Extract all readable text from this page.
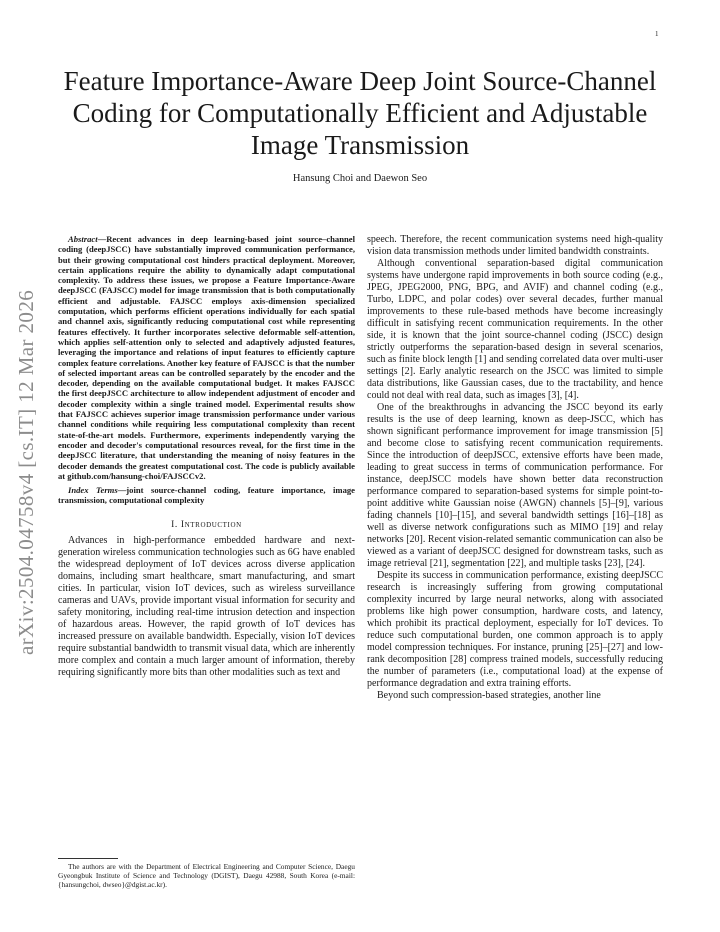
1
arXiv:2504.04758v4 [cs.IT] 12 Mar 2026
Feature Importance-Aware Deep Joint Source-Channel Coding for Computationally Efficient and Adjustable Image Transmission
Hansung Choi and Daewon Seo

Abstract—Recent advances in deep learning-based joint source–channel coding (deepJSCC) have substantially improved communication performance, but their growing computational cost hinders practical deployment. Moreover, certain applications require the ability to dynamically adapt computational complexity. To address these issues, we propose a Feature Importance-Aware deepJSCC (FAJSCC) model for image transmission that is both computationally efficient and adjustable. FAJSCC employs axis-dimension specialized computation, which performs efficient operations individually for each spatial and channel axis, significantly reducing computational cost while representing features effectively. It further incorporates selective deformable self-attention, which applies self-attention only to selected and adaptively adjusted features, leveraging the importance and relations of input features to efficiently capture complex feature correlations. Another key feature of FAJSCC is that the number of selected important areas can be controlled separately by the encoder and the decoder, depending on the available computational budget. It makes FAJSCC the first deepJSCC architecture to allow independent adjustment of encoder and decoder complexity within a single trained model. Experimental results show that FAJSCC achieves superior image transmission performance under various channel conditions while requiring less computational complexity than recent state-of-the-art models. Furthermore, experiments independently varying the encoder and decoder's computational resources reveal, for the first time in the deepJSCC literature, that understanding the meaning of noisy features in the decoder demands the greatest computational cost. The code is publicly available at github.com/hansung-choi/FAJSCCv2.

Index Terms—joint source-channel coding, feature importance, image transmission, computational complexity

I. Introduction

Advances in high-performance embedded hardware and next-generation wireless communication technologies such as 6G have enabled the widespread deployment of IoT devices across diverse application domains, including smart healthcare, smart manufacturing, and smart cities. In particular, vision IoT devices, such as wireless surveillance cameras and UAVs, provide important visual information for security and safety monitoring, including real-time intrusion detection and inspection of hazardous areas. However, the rapid growth of IoT devices has increased pressure on available bandwidth. Especially, vision IoT devices require substantial bandwidth to transmit visual data, which are inherently more complex and contain a much larger amount of information, thereby requiring significantly more bits than other modalities such as text and

The authors are with the Department of Electrical Engineering and Computer Science, Daegu Gyeongbuk Institute of Science and Technology (DGIST), Daegu 42988, South Korea (e-mail: {hansungchoi, dwseo}@dgist.ac.kr).

speech. Therefore, the recent communication systems need high-quality vision data transmission methods under limited bandwidth constraints.

Although conventional separation-based digital communication systems have undergone rapid improvements in both source coding (e.g., JPEG, JPEG2000, PNG, BPG, and AVIF) and channel coding (e.g., Turbo, LDPC, and polar codes) over several decades, further manual improvements to these rule-based methods have become increasingly difficult in satisfying recent communication requirements. In the other side, it is known that the joint source-channel coding (JSCC) design strictly outperforms the separation-based design in several scenarios, such as finite block length [1] and sending correlated data over multi-user settings [2]. Early analytic research on the JSCC was limited to simple data distributions, like Gaussian cases, due to the tractability, and hence could not deal with real data, such as images [3], [4].

One of the breakthroughs in advancing the JSCC beyond its early results is the use of deep learning, known as deep-JSCC, which has shown significant performance improvement for image transmission [5] and become close to satisfying recent communication requirements. Since the introduction of deepJSCC, extensive efforts have been made, leading to great success in terms of communication performance. For instance, deepJSCC models have shown better data reconstruction performance compared to separation-based systems for simple point-to-point additive white Gaussian noise (AWGN) channels [5]–[9], various fading channels [10]–[15], and several bandwidth settings [16]–[18] as well as diverse network configurations such as MIMO [19] and relay networks [20]. Recent vision-related semantic communication can also be viewed as a variant of deepJSCC designed for downstream tasks, such as image retrieval [21], segmentation [22], and multiple tasks [23], [24].

Despite its success in communication performance, existing deepJSCC research is increasingly suffering from growing computational complexity incurred by large neural networks, along with associated problems like high power consumption, hardware costs, and latency, which prohibit its practical deployment, especially for IoT devices. To reduce such computational burden, one common approach is to apply model compression techniques. For instance, pruning [25]–[27] and low-rank decomposition [28] compress trained models, successfully reducing the number of parameters (i.e., computational load) at the expense of performance degradation and extra training efforts.

Beyond such compression-based strategies, another line
